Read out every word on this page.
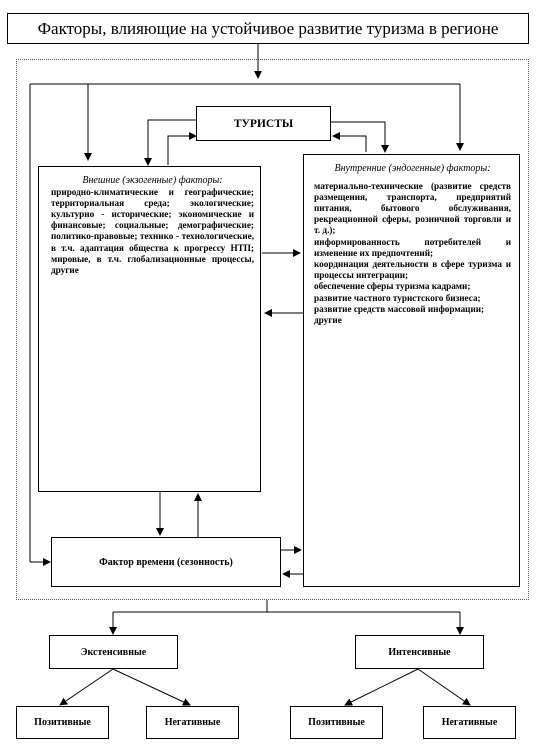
Факторы, влияющие на устойчивое развитие туризма в регионе
ТУРИСТЫ
Внешние (экзогенные) факторы:
природно-климатические и географические; территориальная среда; экологические; культурно - исторические; экономические и финансовые; социальные; демографические; политико-правовые; технико - технологические, в т.ч. адаптация общества к прогрессу НТП; мировые, в т.ч. глобализационные процессы, другие
Внутренние (эндогенные) факторы:
материально-технические (развитие средств размещения, транспорта, предприятий питания, бытового обслуживания, рекреационной сферы, розничной торговли и т. д.);
информированность потребителей и изменение их предпочтений;
координация деятельности в сфере туризма и процессы интеграции;
обеспечение сферы туризма кадрами;
развитие частного туристского бизнеса;
развитие средств массовой информации;
другие
Фактор времени (сезонность)
Экстенсивные	Интенсивные
Позитивные	Негативные	Позитивные	Негативные
